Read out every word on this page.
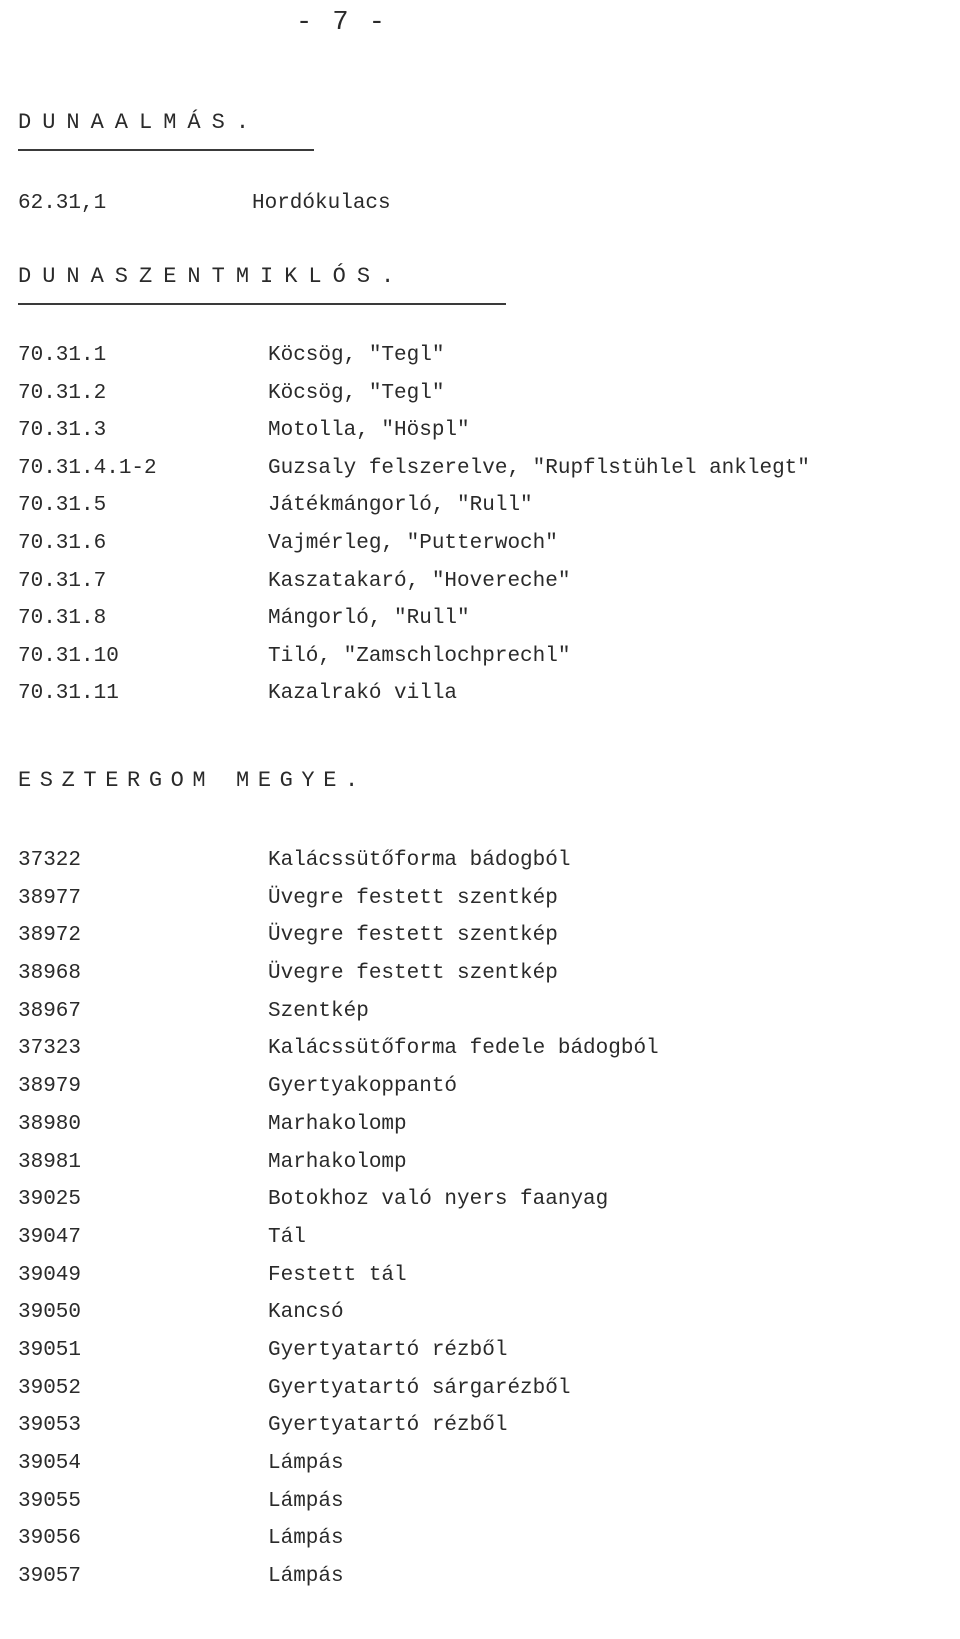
- 7 -
DUNAALMÁS.
62.31,1	Hordókulacs
DUNASZENTMIKLÓS.
70.31.1	Köcsög, "Tegl"
70.31.2	Köcsög, "Tegl"
70.31.3	Motolla, "Höspl"
70.31.4.1-2	Guzsaly felszerelve, "Rupflstühlel anklegt"
70.31.5	Játékmángorló, "Rull"
70.31.6	Vajmérleg, "Putterwoch"
70.31.7	Kaszatakaró, "Hovereche"
70.31.8	Mángorló, "Rull"
70.31.10	Tiló, "Zamschlochprechl"
70.31.11	Kazalrakó villa
ESZTERGOM MEGYE.
37322	Kalácssütőforma bádogból
38977	Üvegre festett szentkép
38972	Üvegre festett szentkép
38968	Üvegre festett szentkép
38967	Szentkép
37323	Kalácssütőforma fedele bádogból
38979	Gyertyakoppantó
38980	Marhakolomp
38981	Marhakolomp
39025	Botokhoz való nyers faanyag
39047	Tál
39049	Festett tál
39050	Kancsó
39051	Gyertyatartó rézből
39052	Gyertyatartó sárgarézből
39053	Gyertyatartó rézből
39054	Lámpás
39055	Lámpás
39056	Lámpás
39057	Lámpás
